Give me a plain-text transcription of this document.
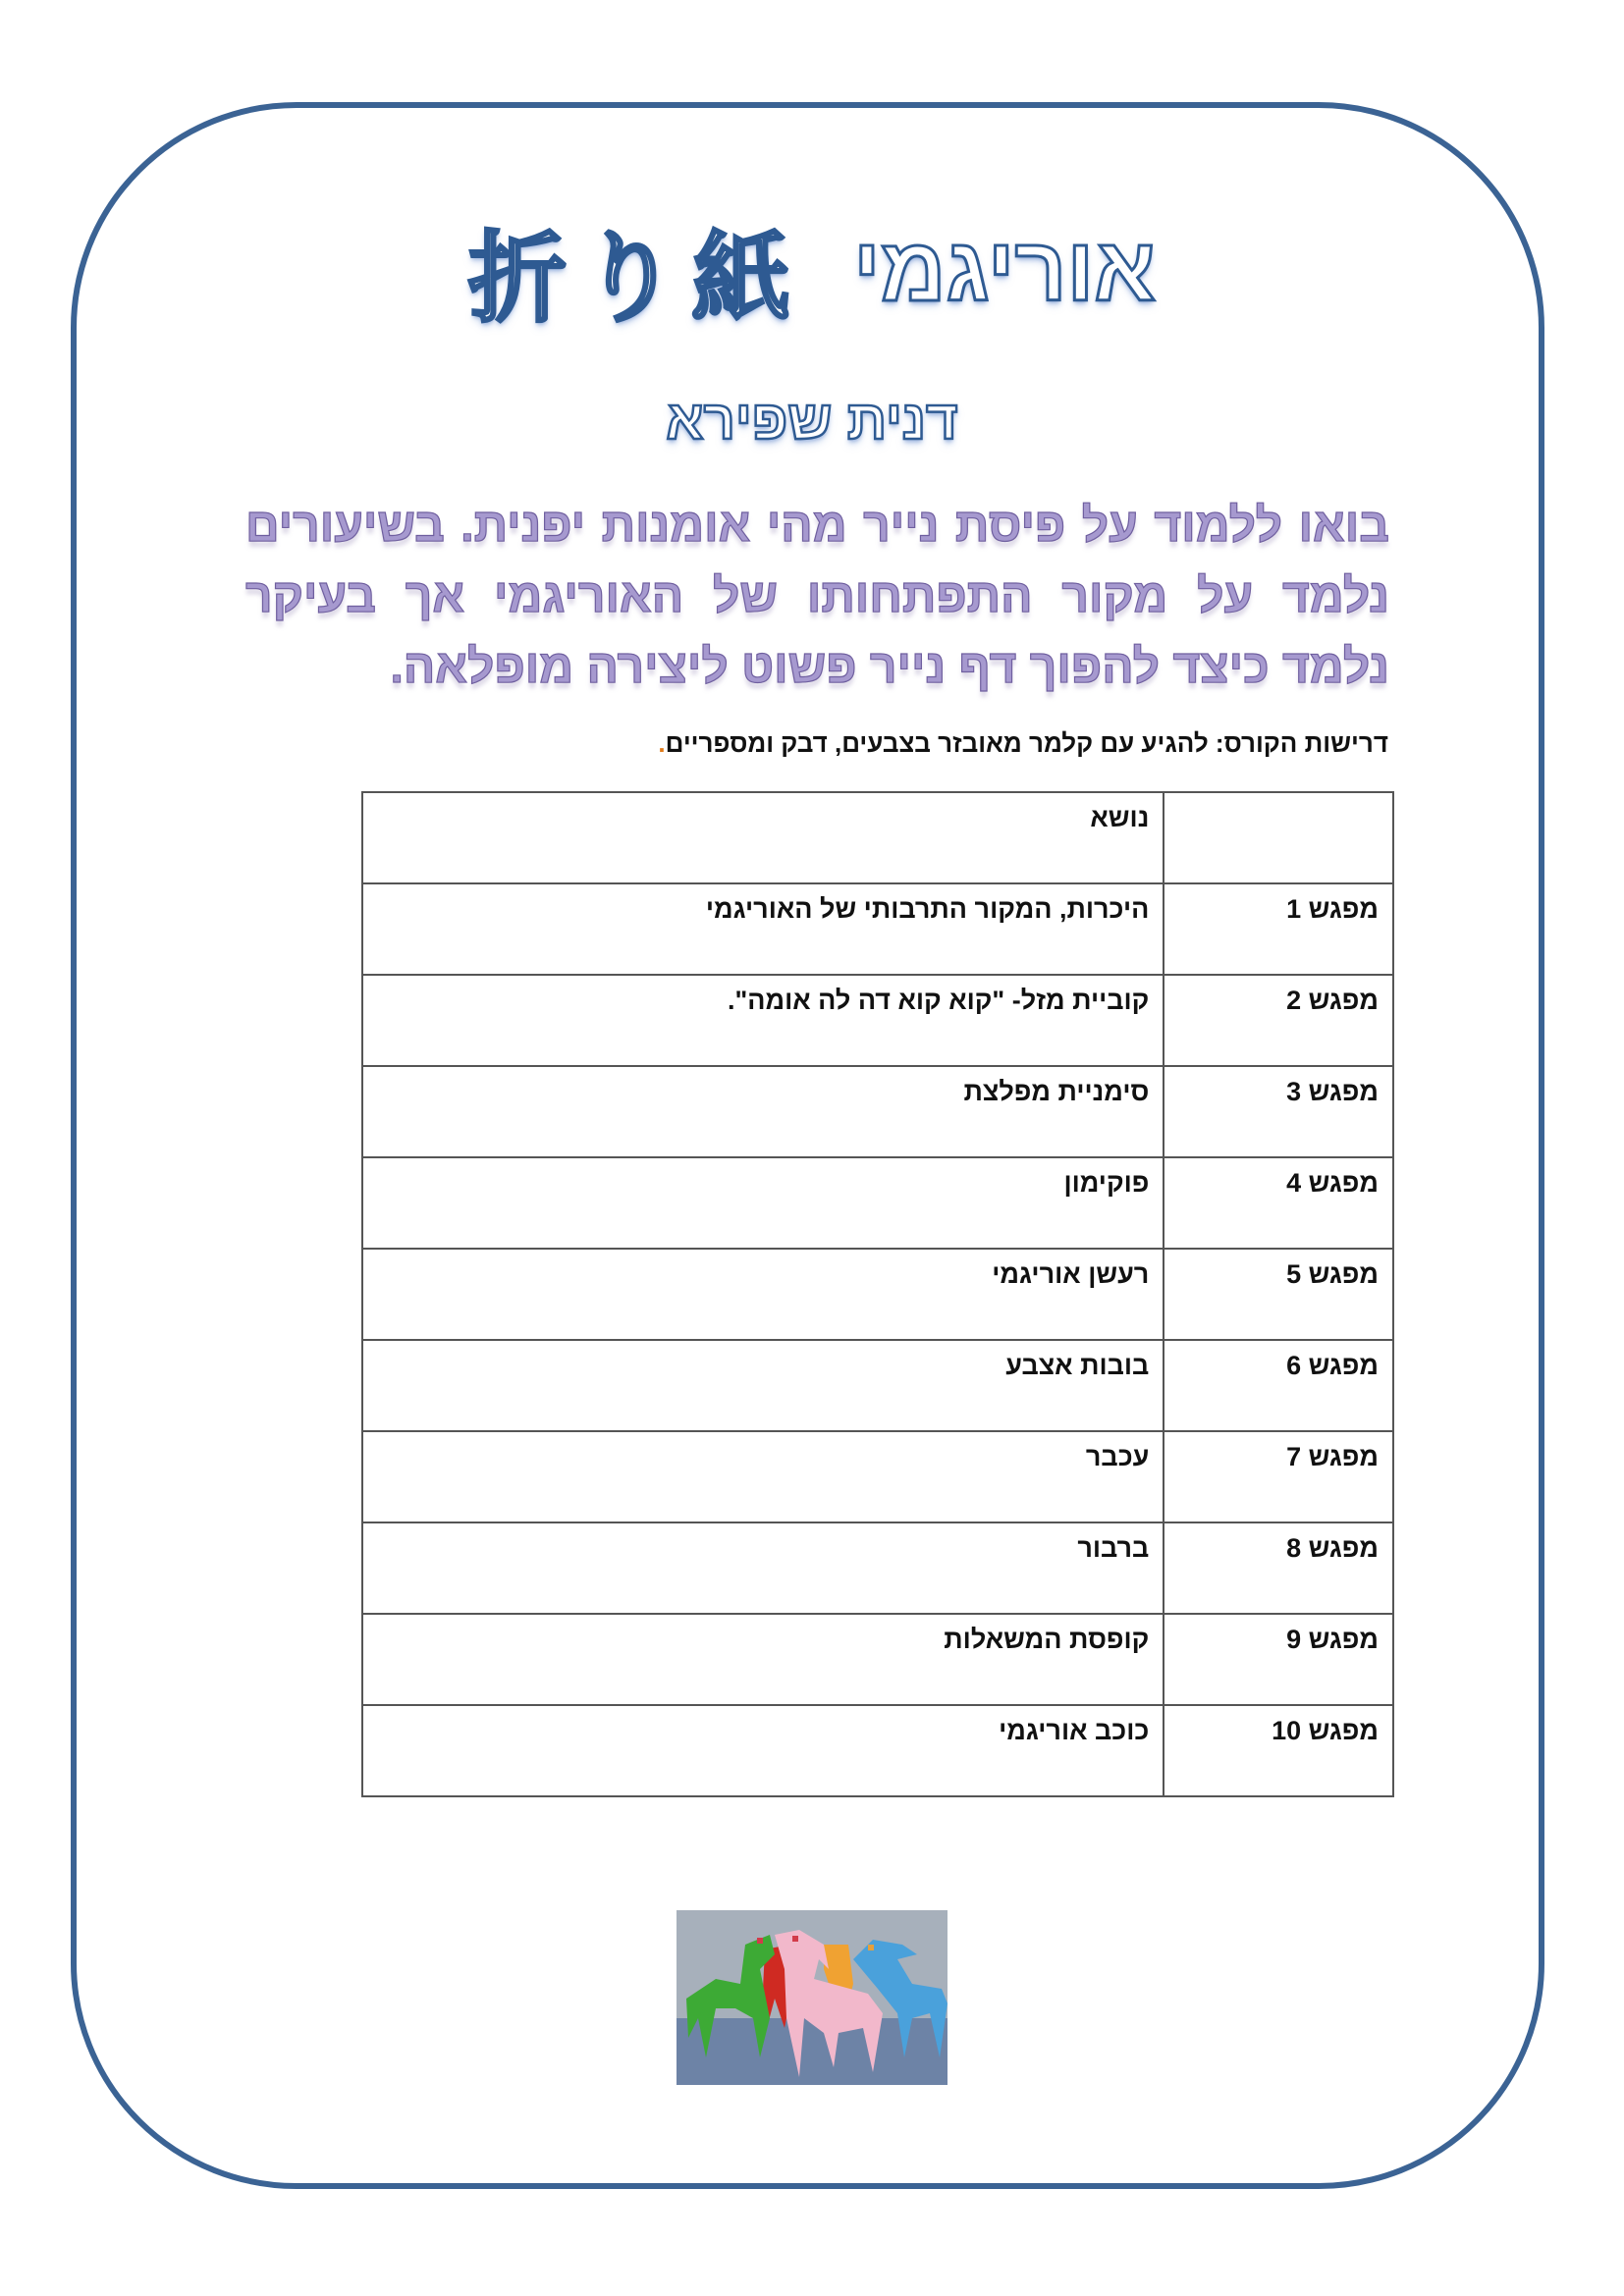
折り紙 אוריגמי
דנית שפירא
בואו ללמוד על פיסת נייר מהי אומנות יפנית. בשיעורים נלמד על מקור התפתחותו של האוריגמי אך בעיקר נלמד כיצד להפוך דף נייר פשוט ליצירה מופלאה.
דרישות הקורס: להגיע עם קלמר מאובזר בצבעים, דבק ומספריים.
	נושא
מפגש 1	היכרות, המקור התרבותי של האוריגמי
מפגש 2	קוביית מזל- "קוא קוא דה לה אומה".
מפגש 3	סימניית מפלצת
מפגש 4	פוקימון
מפגש 5	רעשן אוריגמי
מפגש 6	בובות אצבע
מפגש 7	עכבר
מפגש 8	ברבור
מפגש 9	קופסת המשאלות
מפגש 10	כוכב אוריגמי
